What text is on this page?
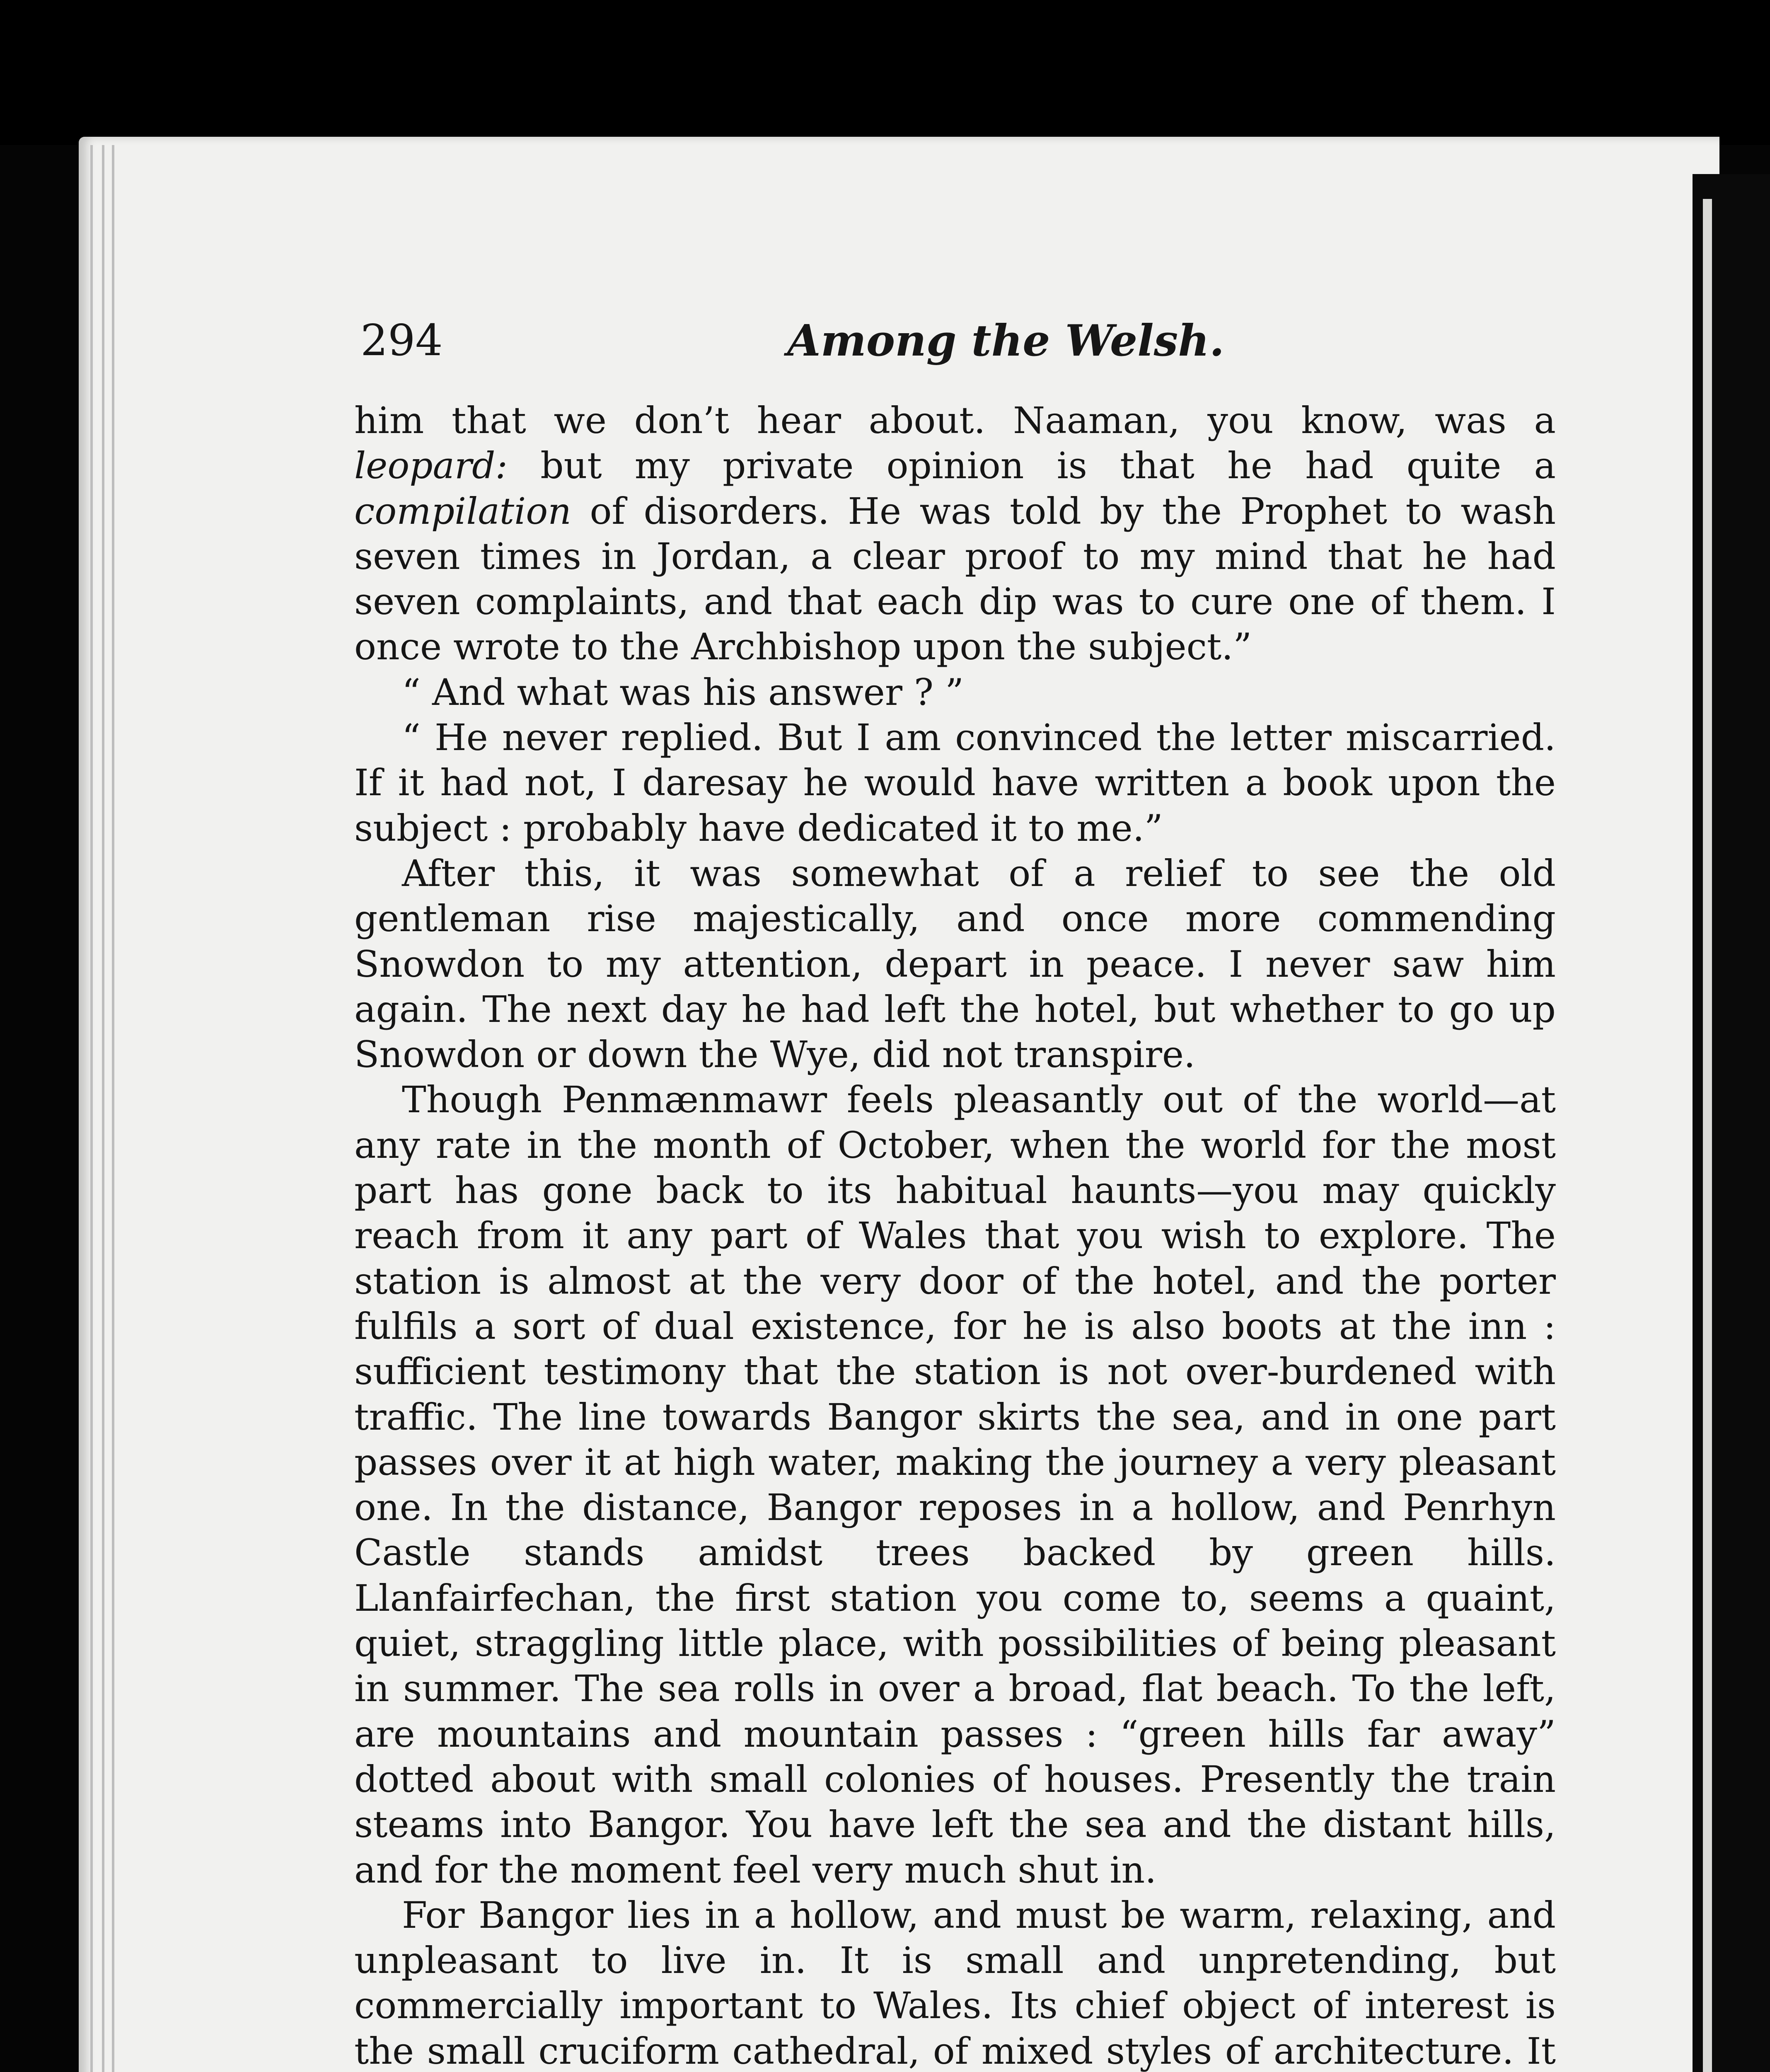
294	Among the Welsh.

him that we don’t hear about. Naaman, you know, was a leopard: but my private opinion is that he had quite a compilation of disorders. He was told by the Prophet to wash seven times in Jordan, a clear proof to my mind that he had seven complaints, and that each dip was to cure one of them. I once wrote to the Archbishop upon the subject.”

“ And what was his answer ? ”

“ He never replied. But I am convinced the letter miscarried. If it had not, I daresay he would have written a book upon the subject : probably have dedicated it to me.”

After this, it was somewhat of a relief to see the old gentleman rise majestically, and once more commending Snowdon to my attention, depart in peace. I never saw him again. The next day he had left the hotel, but whether to go up Snowdon or down the Wye, did not transpire.

Though Penmænmawr feels pleasantly out of the world—at any rate in the month of October, when the world for the most part has gone back to its habitual haunts—you may quickly reach from it any part of Wales that you wish to explore. The station is almost at the very door of the hotel, and the porter fulfils a sort of dual existence, for he is also boots at the inn : sufficient testimony that the station is not over-burdened with traffic. The line towards Bangor skirts the sea, and in one part passes over it at high water, making the journey a very pleasant one. In the distance, Bangor reposes in a hollow, and Penrhyn Castle stands amidst trees backed by green hills. Llanfairfechan, the first station you come to, seems a quaint, quiet, straggling little place, with possibilities of being pleasant in summer. The sea rolls in over a broad, flat beach. To the left, are mountains and mountain passes : “green hills far away” dotted about with small colonies of houses. Presently the train steams into Bangor. You have left the sea and the distant hills, and for the moment feel very much shut in.

For Bangor lies in a hollow, and must be warm, relaxing, and unpleasant to live in. It is small and unpretending, but commercially important to Wales. Its chief object of interest is the small cruciform cathedral, of mixed styles of architecture. It
